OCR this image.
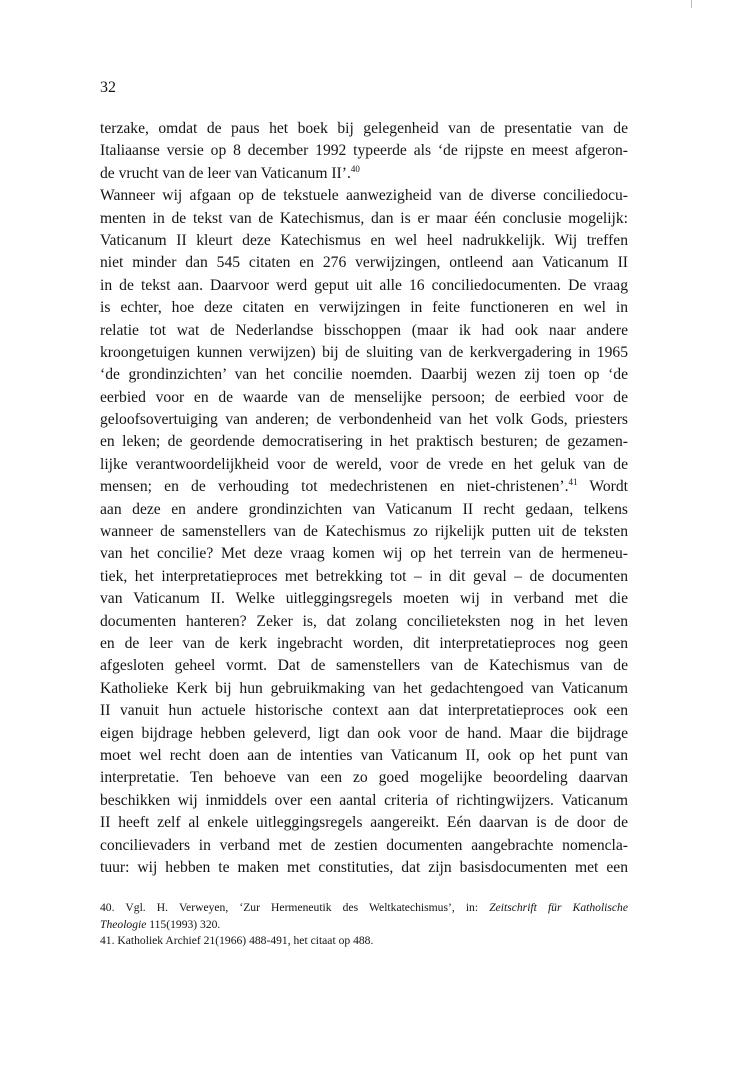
32
terzake, omdat de paus het boek bij gelegenheid van de presentatie van de
Italiaanse versie op 8 december 1992 typeerde als ‘de rijpste en meest afgeron-
de vrucht van de leer van Vaticanum II’.$^{40}$
Wanneer wij afgaan op de tekstuele aanwezigheid van de diverse conciliedocu-
menten in de tekst van de Katechismus, dan is er maar één conclusie mogelijk:
Vaticanum II kleurt deze Katechismus en wel heel nadrukkelijk. Wij treffen
niet minder dan 545 citaten en 276 verwijzingen, ontleend aan Vaticanum II
in de tekst aan. Daarvoor werd geput uit alle 16 conciliedocumenten. De vraag
is echter, hoe deze citaten en verwijzingen in feite functioneren en wel in
relatie tot wat de Nederlandse bisschoppen (maar ik had ook naar andere
kroongetuigen kunnen verwijzen) bij de sluiting van de kerkvergadering in 1965
‘de grondinzichten’ van het concilie noemden. Daarbij wezen zij toen op ‘de
eerbied voor en de waarde van de menselijke persoon; de eerbied voor de
geloofsovertuiging van anderen; de verbondenheid van het volk Gods, priesters
en leken; de geordende democratisering in het praktisch besturen; de gezamen-
lijke verantwoordelijkheid voor de wereld, voor de vrede en het geluk van de
mensen; en de verhouding tot medechristenen en niet-christenen’.$^{41}$ Wordt
aan deze en andere grondinzichten van Vaticanum II recht gedaan, telkens
wanneer de samenstellers van de Katechismus zo rijkelijk putten uit de teksten
van het concilie? Met deze vraag komen wij op het terrein van de hermeneu-
tiek, het interpretatieproces met betrekking tot – in dit geval – de documenten
van Vaticanum II. Welke uitleggingsregels moeten wij in verband met die
documenten hanteren? Zeker is, dat zolang concilieteksten nog in het leven
en de leer van de kerk ingebracht worden, dit interpretatieproces nog geen
afgesloten geheel vormt. Dat de samenstellers van de Katechismus van de
Katholieke Kerk bij hun gebruikmaking van het gedachtengoed van Vaticanum
II vanuit hun actuele historische context aan dat interpretatieproces ook een
eigen bijdrage hebben geleverd, ligt dan ook voor de hand. Maar die bijdrage
moet wel recht doen aan de intenties van Vaticanum II, ook op het punt van
interpretatie. Ten behoeve van een zo goed mogelijke beoordeling daarvan
beschikken wij inmiddels over een aantal criteria of richtingwijzers. Vaticanum
II heeft zelf al enkele uitleggingsregels aangereikt. Eén daarvan is de door de
concilievaders in verband met de zestien documenten aangebrachte nomencla-
tuur: wij hebben te maken met constituties, dat zijn basisdocumenten met een
40. Vgl. H. Verweyen, ‘Zur Hermeneutik des Weltkatechismus’, in: Zeitschrift für Katholische
Theologie 115(1993) 320.
41. Katholiek Archief 21(1966) 488-491, het citaat op 488.
